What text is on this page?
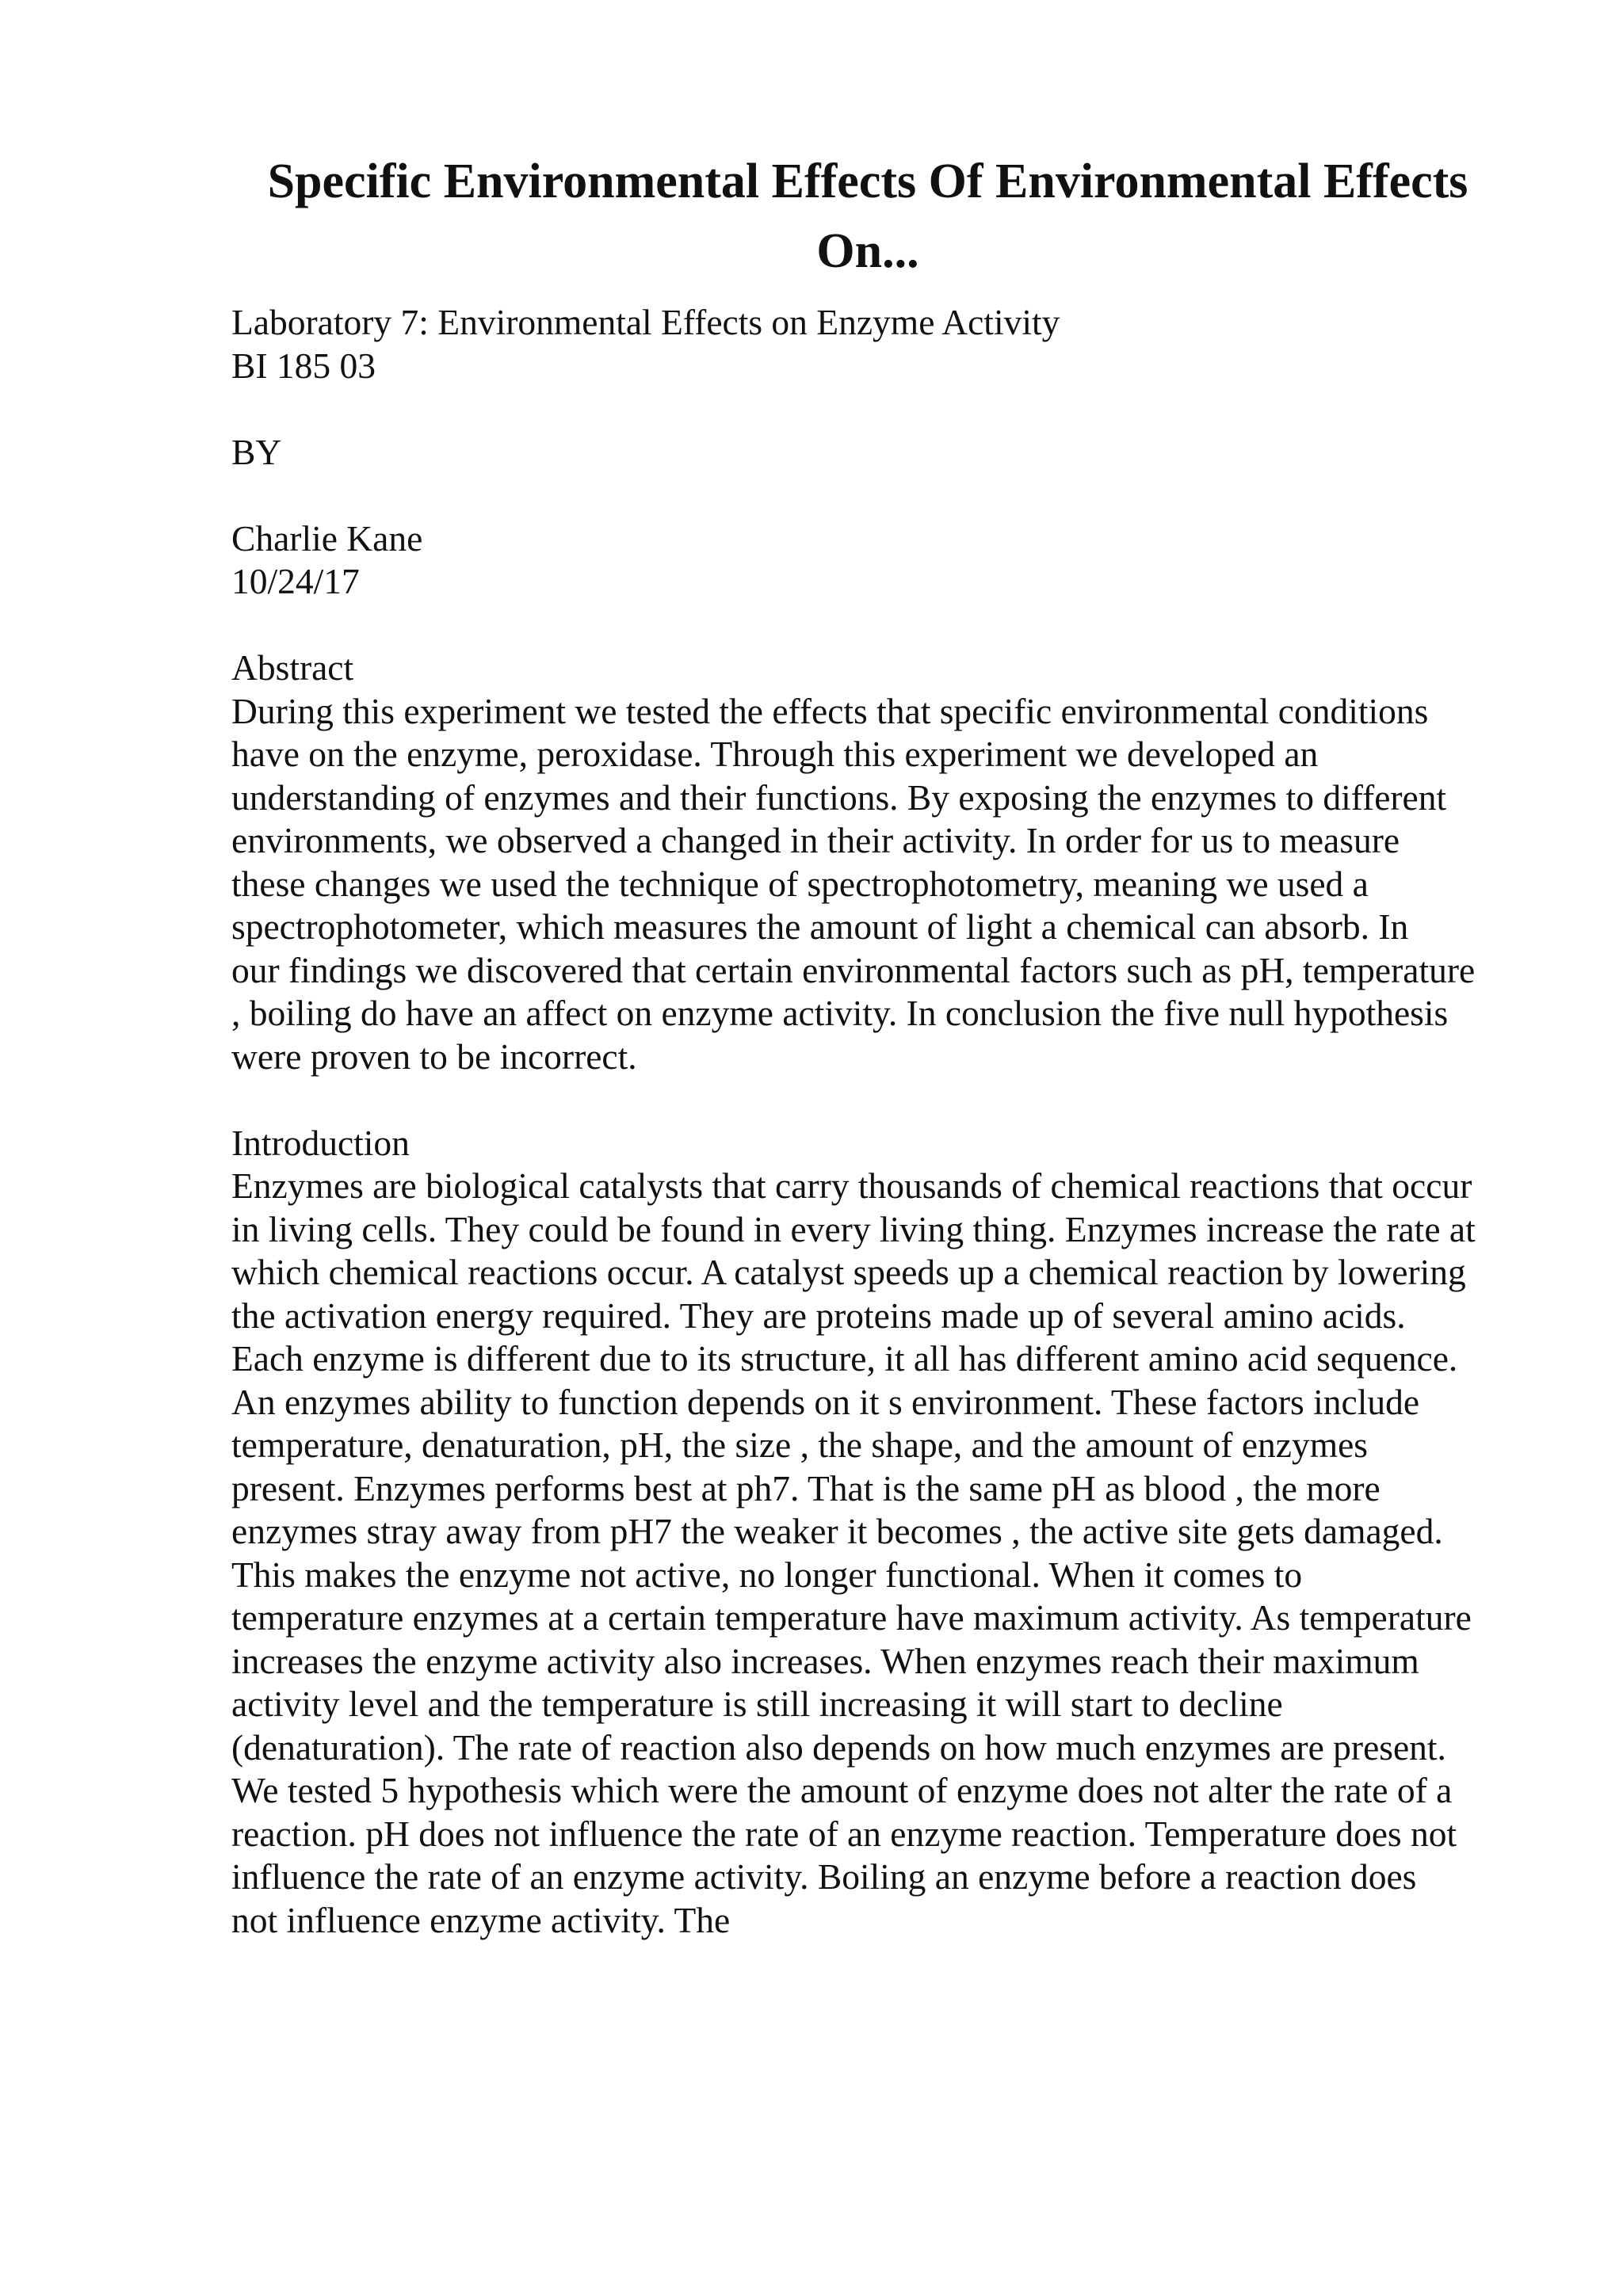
Specific Environmental Effects Of Environmental Effects On...
Laboratory 7: Environmental Effects on Enzyme Activity
BI 185 03
BY
Charlie Kane
10/24/17
Abstract
During this experiment we tested the effects that specific environmental conditions
have on the enzyme, peroxidase. Through this experiment we developed an
understanding of enzymes and their functions. By exposing the enzymes to different
environments, we observed a changed in their activity. In order for us to measure
these changes we used the technique of spectrophotometry, meaning we used a
spectrophotometer, which measures the amount of light a chemical can absorb. In
our findings we discovered that certain environmental factors such as pH, temperature
, boiling do have an affect on enzyme activity. In conclusion the five null hypothesis
were proven to be incorrect.
Introduction
Enzymes are biological catalysts that carry thousands of chemical reactions that occur
in living cells. They could be found in every living thing. Enzymes increase the rate at
which chemical reactions occur. A catalyst speeds up a chemical reaction by lowering
the activation energy required. They are proteins made up of several amino acids.
Each enzyme is different due to its structure, it all has different amino acid sequence.
An enzymes ability to function depends on it s environment. These factors include
temperature, denaturation, pH, the size , the shape, and the amount of enzymes
present. Enzymes performs best at ph7. That is the same pH as blood , the more
enzymes stray away from pH7 the weaker it becomes , the active site gets damaged.
This makes the enzyme not active, no longer functional. When it comes to
temperature enzymes at a certain temperature have maximum activity. As temperature
increases the enzyme activity also increases. When enzymes reach their maximum
activity level and the temperature is still increasing it will start to decline
(denaturation). The rate of reaction also depends on how much enzymes are present.
We tested 5 hypothesis which were the amount of enzyme does not alter the rate of a
reaction. pH does not influence the rate of an enzyme reaction. Temperature does not
influence the rate of an enzyme activity. Boiling an enzyme before a reaction does
not influence enzyme activity. The
